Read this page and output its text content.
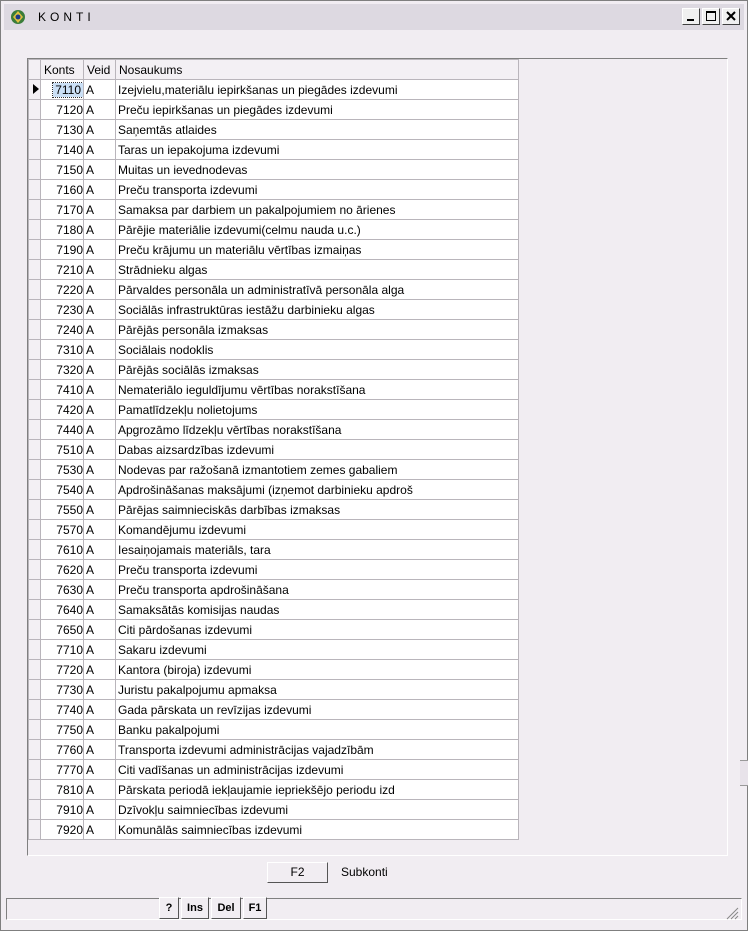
KONTI
	Konts	Veid	Nosaukums
	7110	A	Izejvielu,materiālu iepirkšanas un piegādes izdevumi
	7120	A	Preču iepirkšanas un piegādes izdevumi
	7130	A	Saņemtās atlaides
	7140	A	Taras un iepakojuma izdevumi
	7150	A	Muitas un ievednodevas
	7160	A	Preču transporta izdevumi
	7170	A	Samaksa par darbiem un pakalpojumiem no ārienes
	7180	A	Pārējie materiālie izdevumi(celmu nauda u.c.)
	7190	A	Preču krājumu un materiālu vērtības izmaiņas
	7210	A	Strādnieku algas
	7220	A	Pārvaldes personāla un administratīvā personāla alga
	7230	A	Sociālās infrastruktūras iestāžu darbinieku algas
	7240	A	Pārējās personāla izmaksas
	7310	A	Sociālais nodoklis
	7320	A	Pārējās sociālās izmaksas
	7410	A	Nemateriālo ieguldījumu vērtības norakstīšana
	7420	A	Pamatlīdzekļu nolietojums
	7440	A	Apgrozāmo līdzekļu vērtības norakstīšana
	7510	A	Dabas aizsardzības izdevumi
	7530	A	Nodevas par ražošanā izmantotiem zemes gabaliem
	7540	A	Apdrošināšanas maksājumi (izņemot darbinieku apdroš
	7550	A	Pārējas saimnieciskās darbības izmaksas
	7570	A	Komandējumu izdevumi
	7610	A	Iesaiņojamais materiāls, tara
	7620	A	Preču transporta izdevumi
	7630	A	Preču transporta apdrošināšana
	7640	A	Samaksātās komisijas naudas
	7650	A	Citi pārdošanas izdevumi
	7710	A	Sakaru izdevumi
	7720	A	Kantora (biroja) izdevumi
	7730	A	Juristu pakalpojumu apmaksa
	7740	A	Gada pārskata un revīzijas izdevumi
	7750	A	Banku pakalpojumi
	7760	A	Transporta izdevumi administrācijas vajadzībām
	7770	A	Citi vadīšanas un administrācijas izdevumi
	7810	A	Pārskata periodā iekļaujamie iepriekšējo periodu izd
	7910	A	Dzīvokļu saimniecības izdevumi
	7920	A	Komunālās saimniecības izdevumi
F2	Subkonti
?	Ins	Del	F1
